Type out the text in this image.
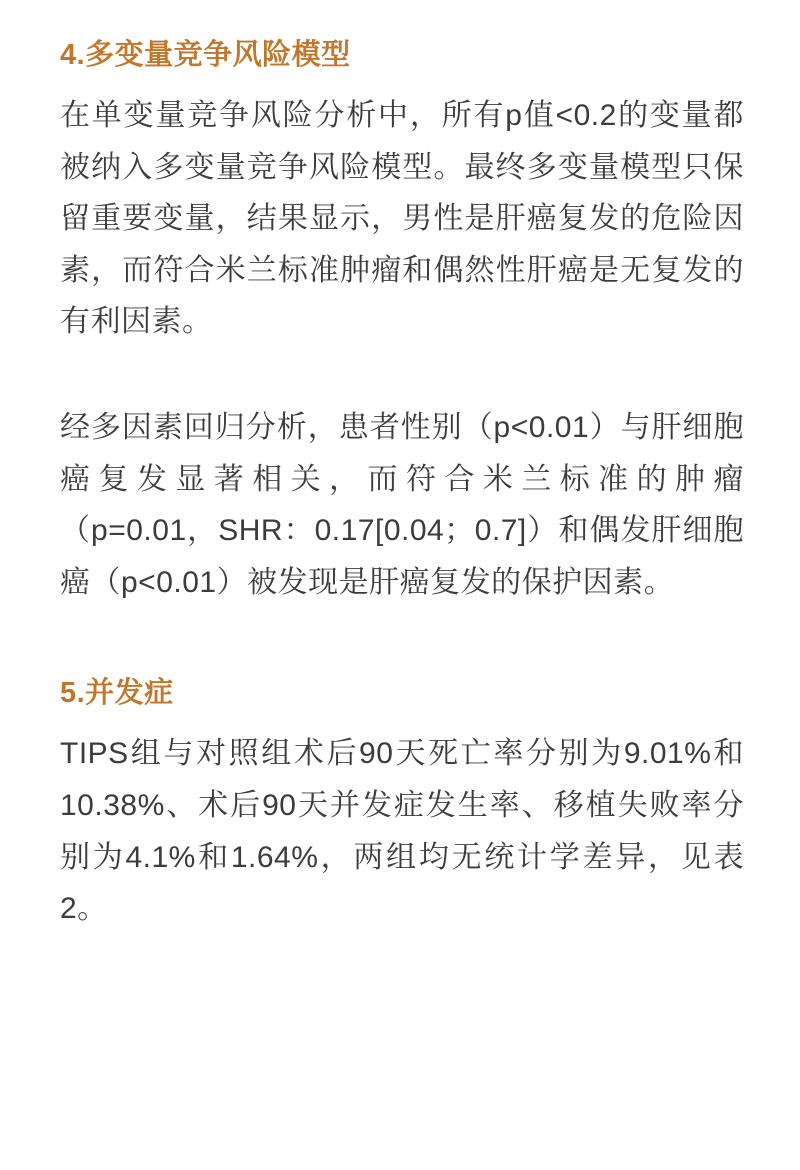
4.多变量竞争风险模型

在单变量竞争风险分析中，所有p值<0.2的变量都被纳入多变量竞争风险模型。最终多变量模型只保留重要变量，结果显示，男性是肝癌复发的危险因素，而符合米兰标准肿瘤和偶然性肝癌是无复发的有利因素。

经多因素回归分析，患者性别（p<0.01）与肝细胞癌复发显著相关，而符合米兰标准的肿瘤（p=0.01，SHR：0.17[0.04；0.7]）和偶发肝细胞癌（p<0.01）被发现是肝癌复发的保护因素。

5.并发症

TIPS组与对照组术后90天死亡率分别为9.01%和10.38%、术后90天并发症发生率、移植失败率分别为4.1%和1.64%，两组均无统计学差异，见表2。
